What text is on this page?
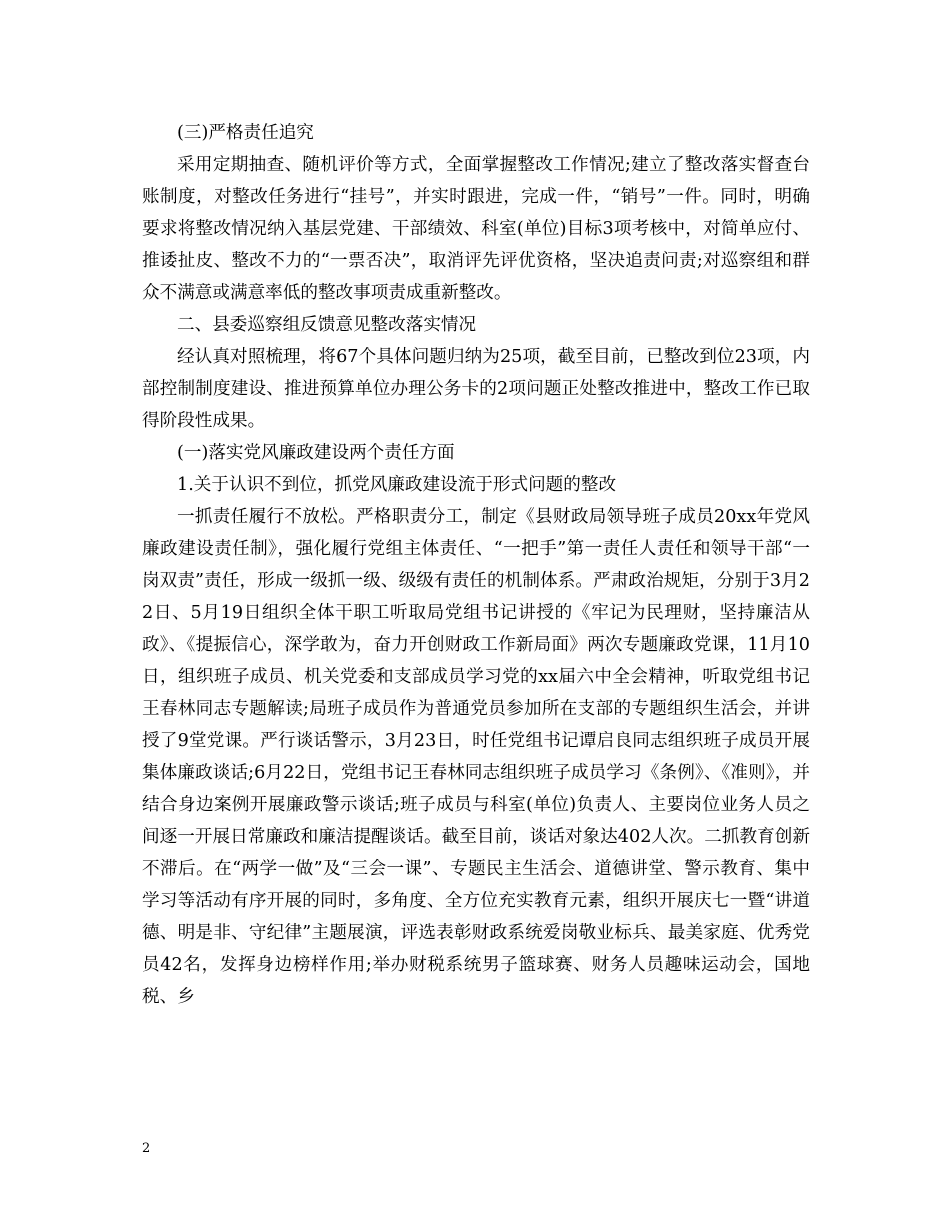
(三)严格责任追究

采用定期抽查、随机评价等方式，全面掌握整改工作情况;建立了整改落实督查台账制度，对整改任务进行“挂号”，并实时跟进，完成一件，“销号”一件。同时，明确要求将整改情况纳入基层党建、干部绩效、科室(单位)目标3项考核中，对简单应付、推诿扯皮、整改不力的“一票否决”，取消评先评优资格，坚决追责问责;对巡察组和群众不满意或满意率低的整改事项责成重新整改。

二、县委巡察组反馈意见整改落实情况

经认真对照梳理，将67个具体问题归纳为25项，截至目前，已整改到位23项，内部控制制度建设、推进预算单位办理公务卡的2项问题正处整改推进中，整改工作已取得阶段性成果。

(一)落实党风廉政建设两个责任方面

1.关于认识不到位，抓党风廉政建设流于形式问题的整改

一抓责任履行不放松。严格职责分工，制定《县财政局领导班子成员20xx年党风廉政建设责任制》，强化履行党组主体责任、“一把手”第一责任人责任和领导干部“一岗双责”责任，形成一级抓一级、级级有责任的机制体系。严肃政治规矩，分别于3月22日、5月19日组织全体干职工听取局党组书记讲授的《牢记为民理财，坚持廉洁从政》、《提振信心，深学敢为，奋力开创财政工作新局面》两次专题廉政党课，11月10日，组织班子成员、机关党委和支部成员学习党的xx届六中全会精神，听取党组书记王春林同志专题解读;局班子成员作为普通党员参加所在支部的专题组织生活会，并讲授了9堂党课。严行谈话警示，3月23日，时任党组书记谭启良同志组织班子成员开展集体廉政谈话;6月22日，党组书记王春林同志组织班子成员学习《条例》、《准则》，并结合身边案例开展廉政警示谈话;班子成员与科室(单位)负责人、主要岗位业务人员之间逐一开展日常廉政和廉洁提醒谈话。截至目前，谈话对象达402人次。二抓教育创新不滞后。在“两学一做”及“三会一课”、专题民主生活会、道德讲堂、警示教育、集中学习等活动有序开展的同时，多角度、全方位充实教育元素，组织开展庆七一暨“讲道德、明是非、守纪律”主题展演，评选表彰财政系统爱岗敬业标兵、最美家庭、优秀党员42名，发挥身边榜样作用;举办财税系统男子篮球赛、财务人员趣味运动会，国地税、乡

2
